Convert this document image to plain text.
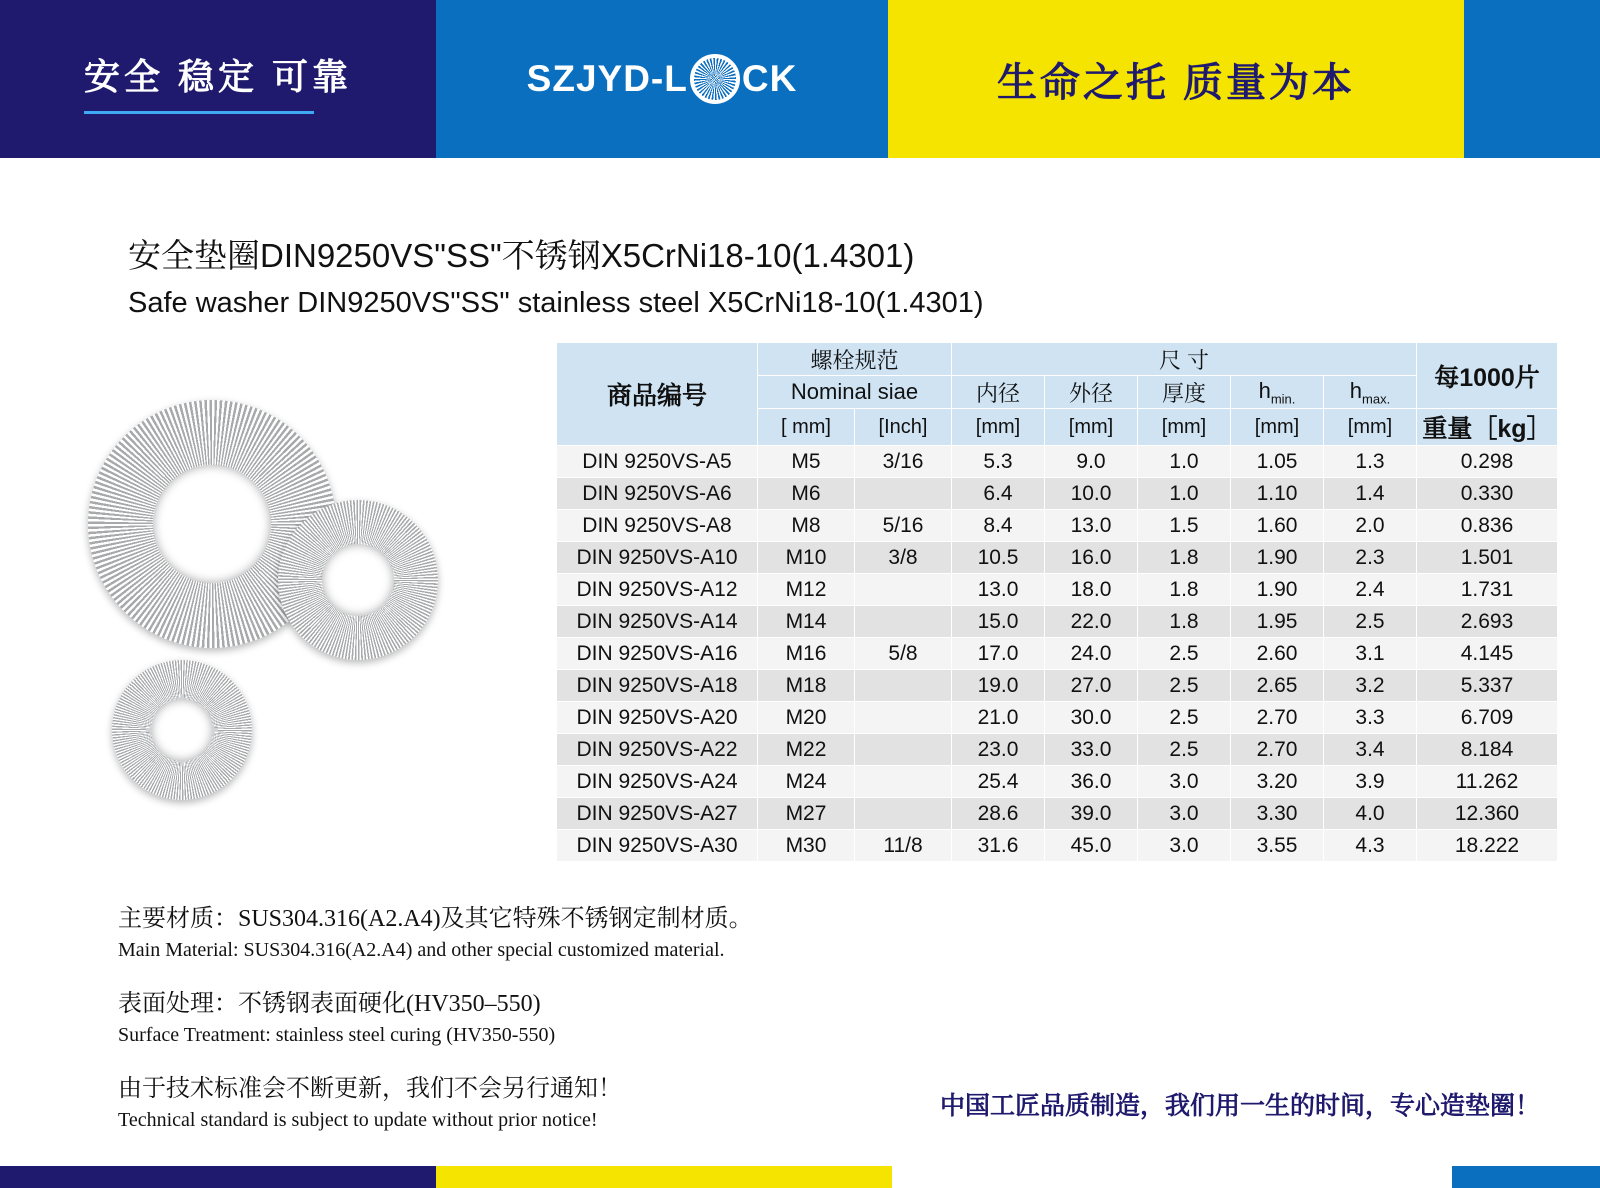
安全 稳定 可靠	SZJYD-L CK	生命之托 质量为本
安全垫圈DIN9250VS"SS"不锈钢X5CrNi18-10(1.4301)
Safe washer DIN9250VS"SS" stainless steel X5CrNi18-10(1.4301)
商品编号	螺栓规范		尺 寸					每1000片
	Nominal siae		内径	外径	厚度	$h_{min.}$	$h_{max.}$
	[ mm]	[Inch]	[mm]	[mm]	[mm]	[mm]	[mm]	重量［kg］
DIN 9250VS-A5	M5	3/16	5.3	9.0	1.0	1.05	1.3	0.298
DIN 9250VS-A6	M6		6.4	10.0	1.0	1.10	1.4	0.330
DIN 9250VS-A8	M8	5/16	8.4	13.0	1.5	1.60	2.0	0.836
DIN 9250VS-A10	M10	3/8	10.5	16.0	1.8	1.90	2.3	1.501
DIN 9250VS-A12	M12		13.0	18.0	1.8	1.90	2.4	1.731
DIN 9250VS-A14	M14		15.0	22.0	1.8	1.95	2.5	2.693
DIN 9250VS-A16	M16	5/8	17.0	24.0	2.5	2.60	3.1	4.145
DIN 9250VS-A18	M18		19.0	27.0	2.5	2.65	3.2	5.337
DIN 9250VS-A20	M20		21.0	30.0	2.5	2.70	3.3	6.709
DIN 9250VS-A22	M22		23.0	33.0	2.5	2.70	3.4	8.184
DIN 9250VS-A24	M24		25.4	36.0	3.0	3.20	3.9	11.262
DIN 9250VS-A27	M27		28.6	39.0	3.0	3.30	4.0	12.360
DIN 9250VS-A30	M30	11/8	31.6	45.0	3.0	3.55	4.3	18.222
主要材质：SUS304.316(A2.A4)及其它特殊不锈钢定制材质。
Main Material: SUS304.316(A2.A4) and other special customized material.
表面处理：不锈钢表面硬化(HV350–550)
Surface Treatment: stainless steel curing (HV350-550)
由于技术标准会不断更新，我们不会另行通知！
Technical standard is subject to update without prior notice!	中国工匠品质制造，我们用一生的时间，专心造垫圈！
